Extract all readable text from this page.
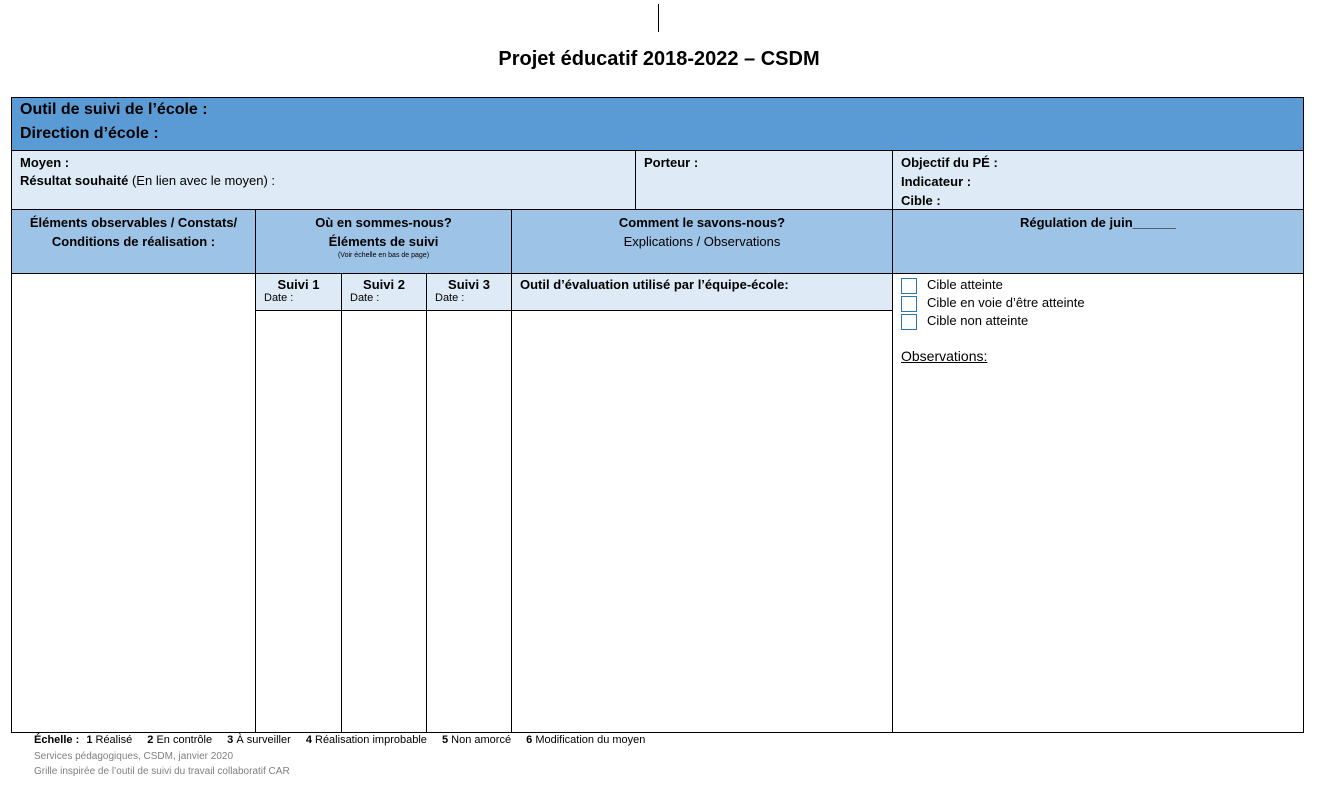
Projet éducatif 2018-2022 – CSDM
Outil de suivi de l’école :
Direction d’école :
Moyen :
Résultat souhaité (En lien avec le moyen) :
Porteur :	Objectif du PÉ :
Indicateur :
Cible :
Éléments observables / Constats/
Conditions de réalisation :
Où en sommes-nous?
Éléments de suivi
(Voir échelle en bas de page)
Comment le savons-nous?
Explications / Observations
Régulation de juin______
Suivi 1
Date :
Suivi 2
Date :
Suivi 3
Date :
Outil d’évaluation utilisé par l’équipe-école:	Cible atteinte
Cible en voie d’être atteinte
Cible non atteinte
Observations:
Échelle : 1 Réalisé 2 En contrôle 3 À surveiller 4 Réalisation improbable 5 Non amorcé 6 Modification du moyen
Services pédagogiques, CSDM, janvier 2020
Grille inspirée de l’outil de suivi du travail collaboratif CAR
